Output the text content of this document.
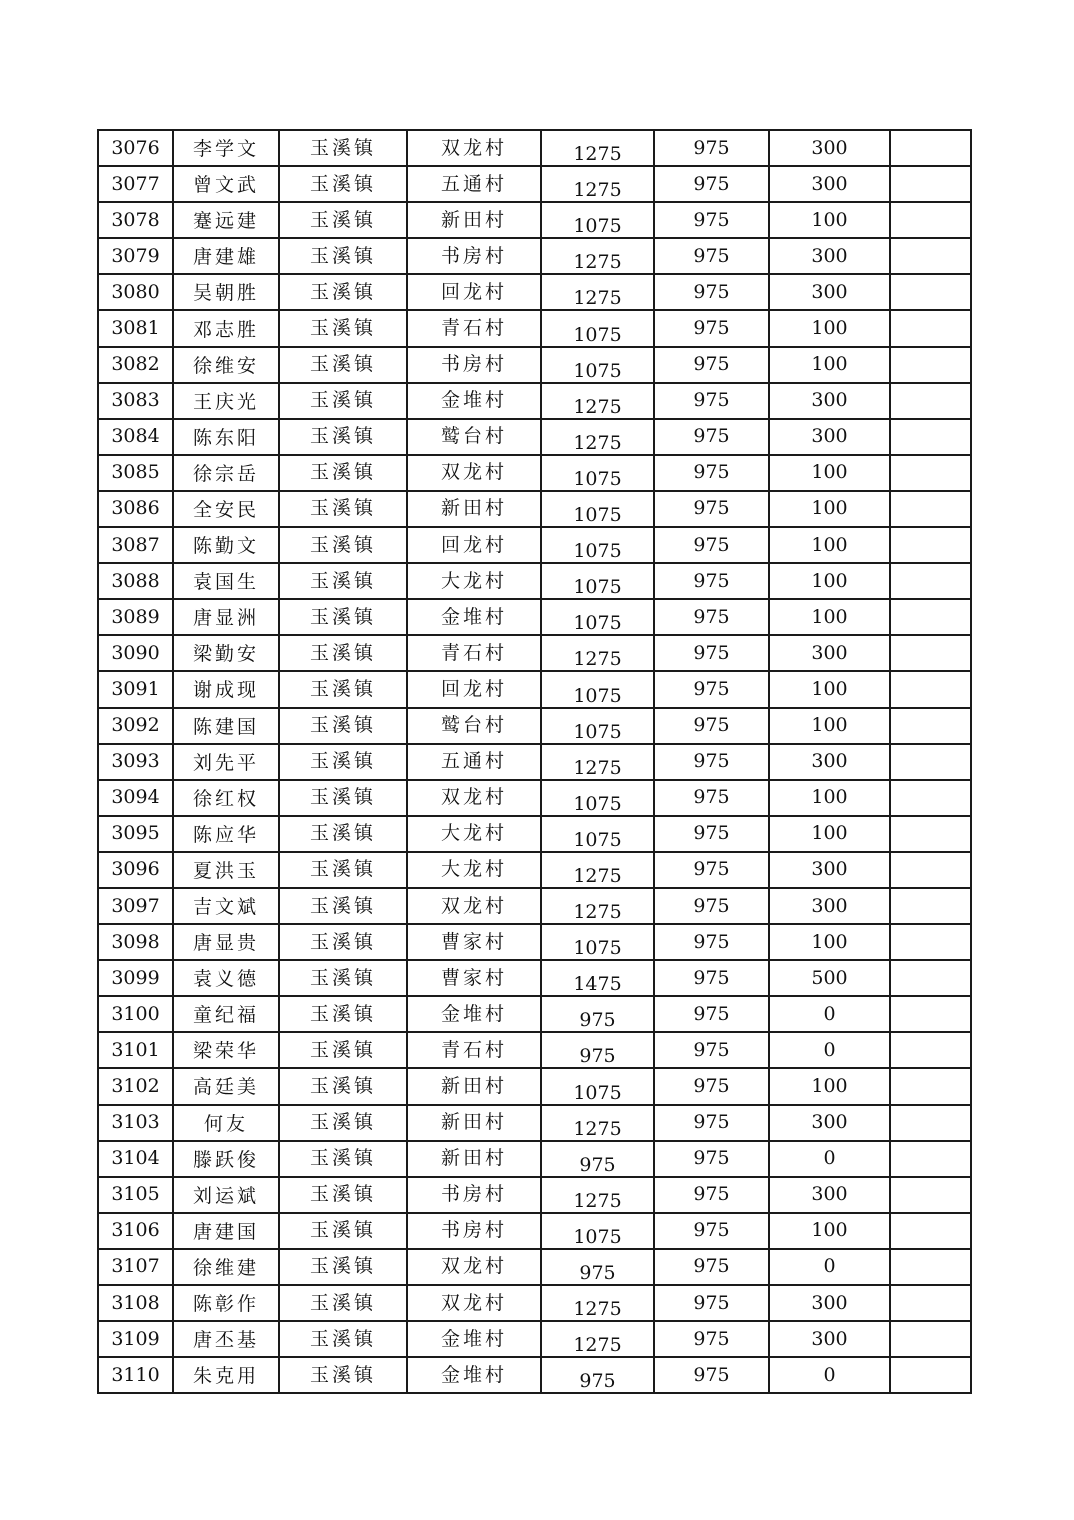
3076	李学文	玉溪镇	双龙村	1275	975	300	
3077	曾文武	玉溪镇	五通村	1275	975	300	
3078	蹇远建	玉溪镇	新田村	1075	975	100	
3079	唐建雄	玉溪镇	书房村	1275	975	300	
3080	吴朝胜	玉溪镇	回龙村	1275	975	300	
3081	邓志胜	玉溪镇	青石村	1075	975	100	
3082	徐维安	玉溪镇	书房村	1075	975	100	
3083	王庆光	玉溪镇	金堆村	1275	975	300	
3084	陈东阳	玉溪镇	鹫台村	1275	975	300	
3085	徐宗岳	玉溪镇	双龙村	1075	975	100	
3086	全安民	玉溪镇	新田村	1075	975	100	
3087	陈勤文	玉溪镇	回龙村	1075	975	100	
3088	袁国生	玉溪镇	大龙村	1075	975	100	
3089	唐显洲	玉溪镇	金堆村	1075	975	100	
3090	梁勤安	玉溪镇	青石村	1275	975	300	
3091	谢成现	玉溪镇	回龙村	1075	975	100	
3092	陈建国	玉溪镇	鹫台村	1075	975	100	
3093	刘先平	玉溪镇	五通村	1275	975	300	
3094	徐红权	玉溪镇	双龙村	1075	975	100	
3095	陈应华	玉溪镇	大龙村	1075	975	100	
3096	夏洪玉	玉溪镇	大龙村	1275	975	300	
3097	吉文斌	玉溪镇	双龙村	1275	975	300	
3098	唐显贵	玉溪镇	曹家村	1075	975	100	
3099	袁义德	玉溪镇	曹家村	1475	975	500	
3100	童纪福	玉溪镇	金堆村	975	975	0	
3101	梁荣华	玉溪镇	青石村	975	975	0	
3102	高廷美	玉溪镇	新田村	1075	975	100	
3103	何友	玉溪镇	新田村	1275	975	300	
3104	滕跃俊	玉溪镇	新田村	975	975	0	
3105	刘运斌	玉溪镇	书房村	1275	975	300	
3106	唐建国	玉溪镇	书房村	1075	975	100	
3107	徐维建	玉溪镇	双龙村	975	975	0	
3108	陈彰作	玉溪镇	双龙村	1275	975	300	
3109	唐丕基	玉溪镇	金堆村	1275	975	300	
3110	朱克用	玉溪镇	金堆村	975	975	0	
